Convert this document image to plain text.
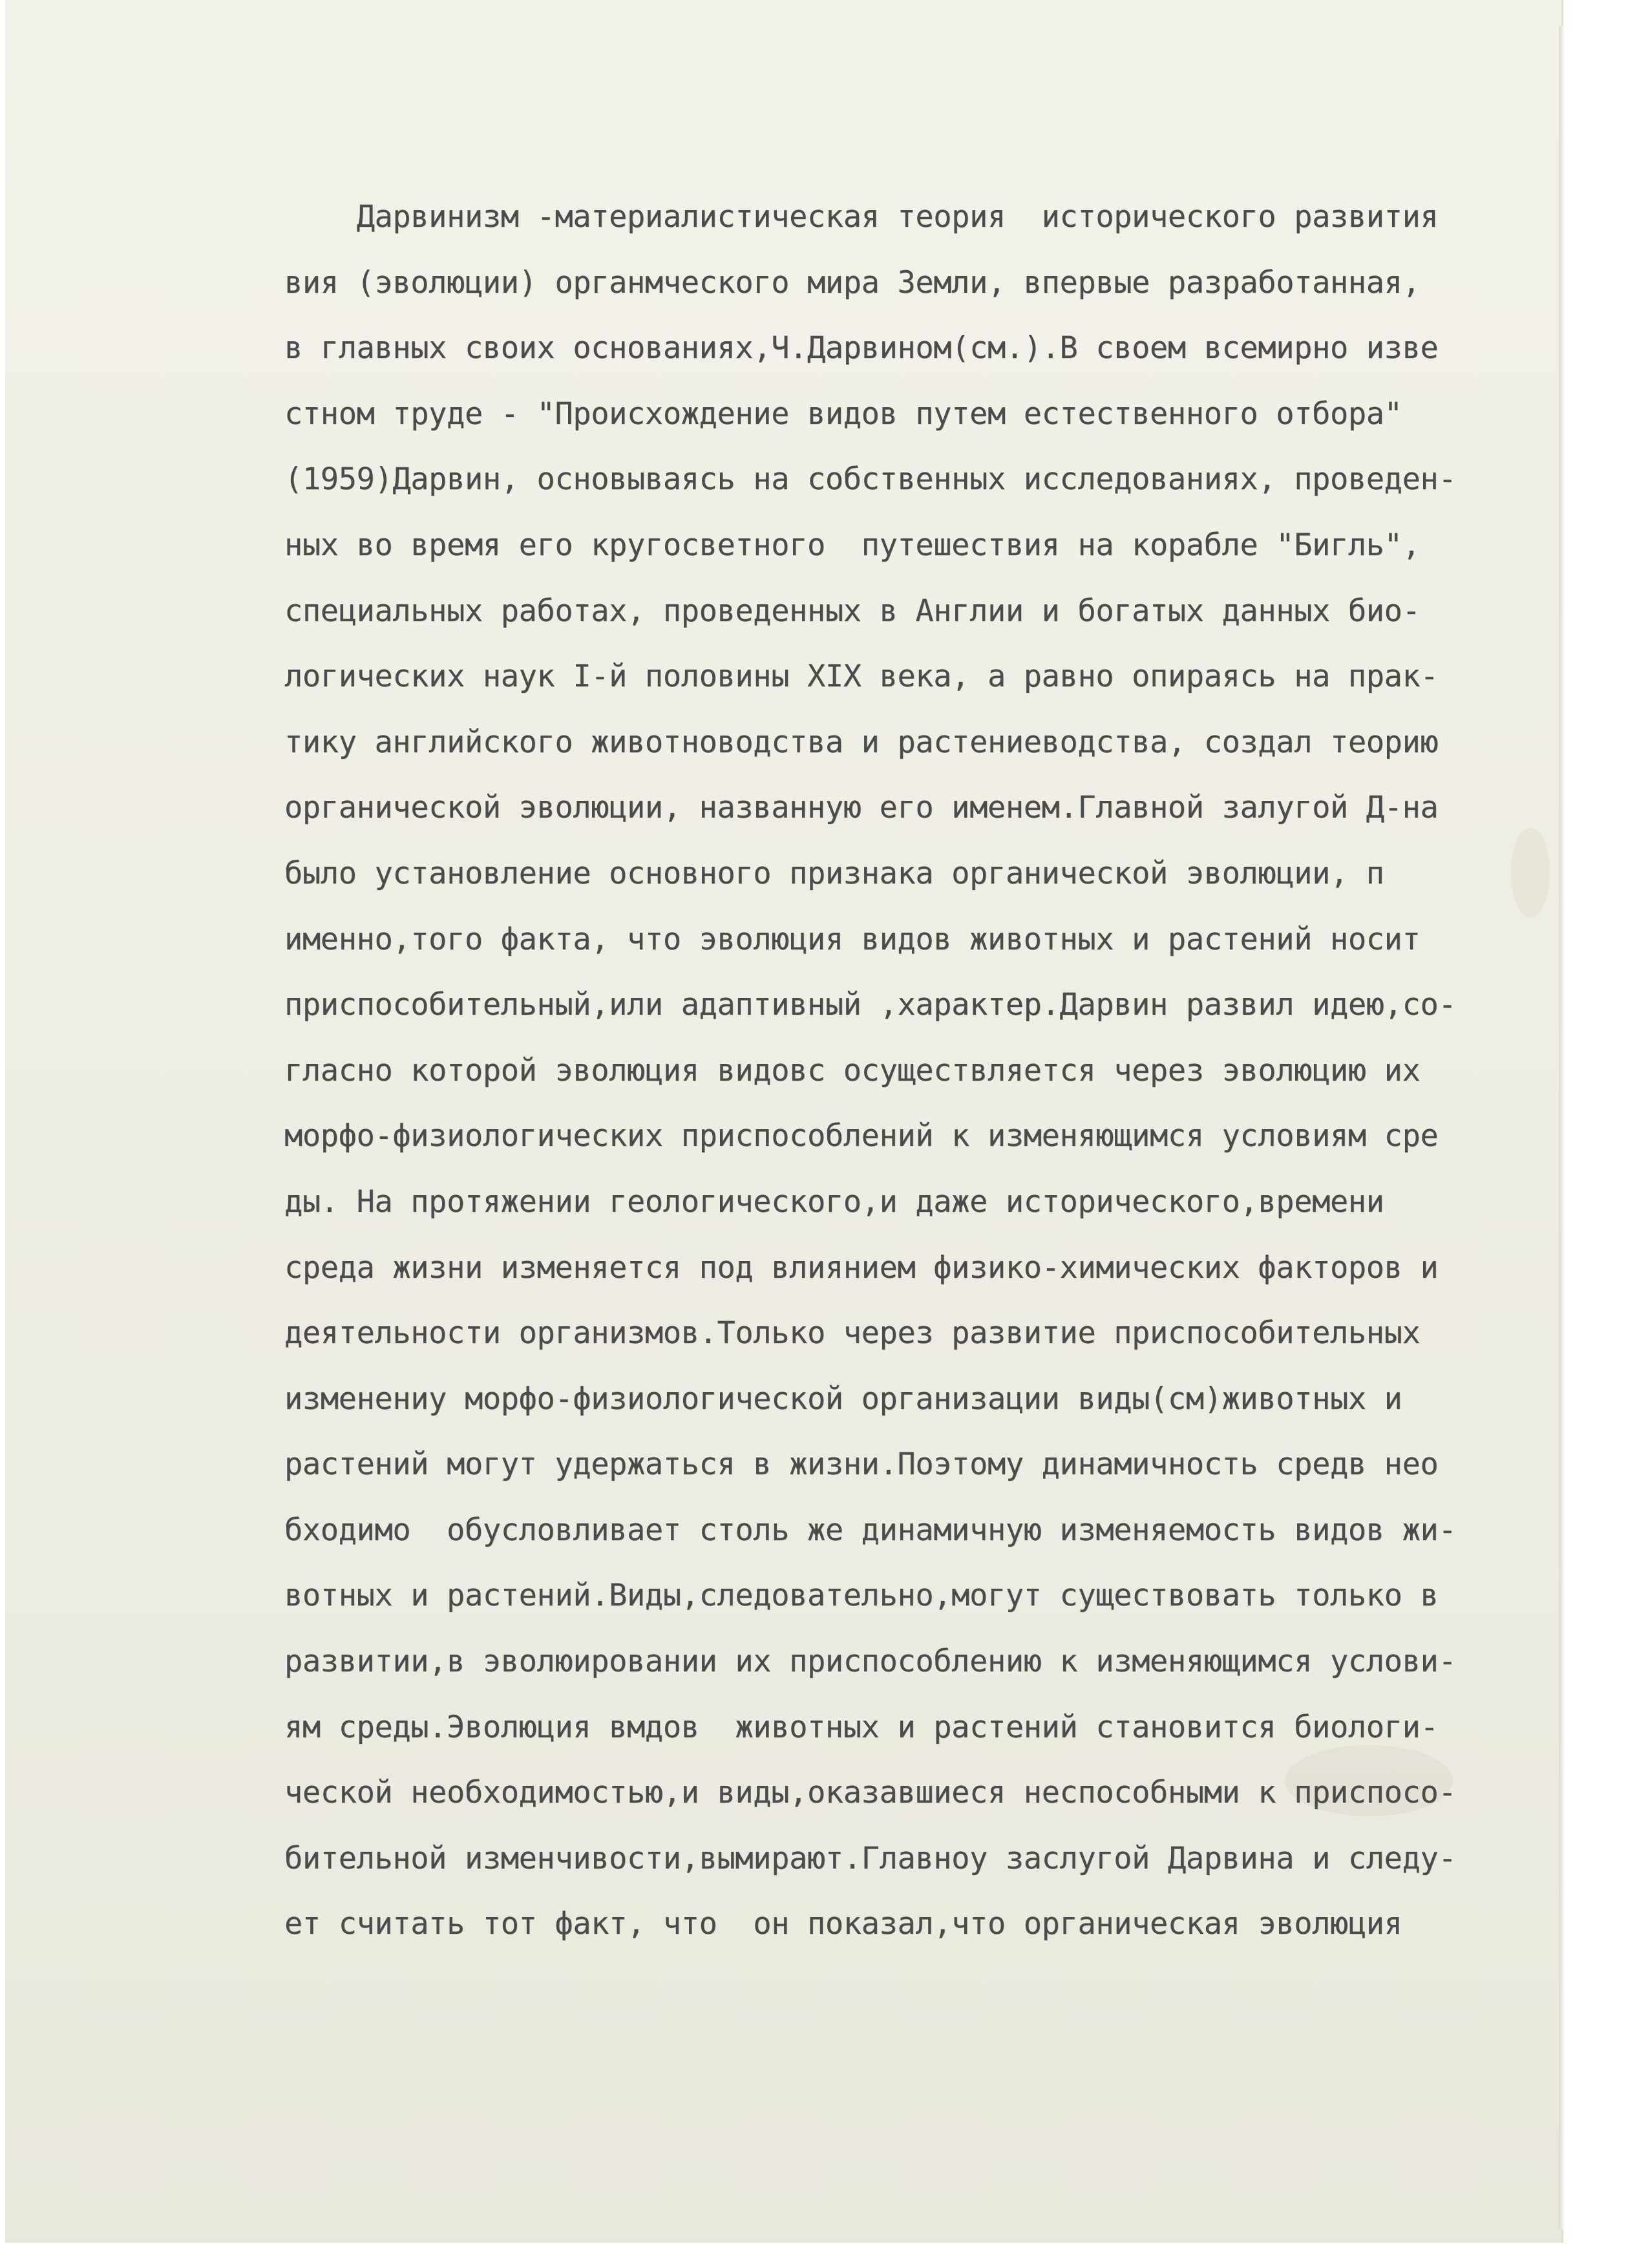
Дарвинизм -материалистическая теория  исторического развития
вия (эволюции) органмческого мира Земли, впервые разработанная,
в главных своих основаниях,Ч.Дарвином(см.).В своем всемирно изве
стном труде - "Происхождение видов путем естественного отбора"
(1959)Дарвин, основываясь на собственных исследованиях, проведен-
ных во время его кругосветного  путешествия на корабле "Бигль",
специальных работах, проведенных в Англии и богатых данных био-
логических наук I-й половины XIX века, а равно опираясь на прак-
тику английского животноводства и растениеводства, создал теорию
органической эволюции, названную его именем.Главной залугой Д-на
было установление основного признака органической эволюции, п
именно,того факта, что эволюция видов животных и растений носит
приспособительный,или адаптивный ,характер.Дарвин развил идею,со-
гласно которой эволюция видовс осуществляется через эволюцию их
морфо-физиологических приспособлений к изменяющимся условиям сре
ды. На протяжении геологического,и даже исторического,времени
среда жизни изменяется под влиянием физико-химических факторов и
деятельности организмов.Только через развитие приспособительных
изменениу морфо-физиологической организации виды(см)животных и
растений могут удержаться в жизни.Поэтому динамичность средв нео
бходимо  обусловливает столь же динамичную изменяемость видов жи-
вотных и растений.Виды,следовательно,могут существовать только в
развитии,в эволюировании их приспособлению к изменяющимся услови-
ям среды.Эволюция вмдов  животных и растений становится биологи-
ческой необходимостью,и виды,оказавшиеся неспособными к приспосо-
бительной изменчивости,вымирают.Главноу заслугой Дарвина и следу-
ет считать тот факт, что  он показал,что органическая эволюция
